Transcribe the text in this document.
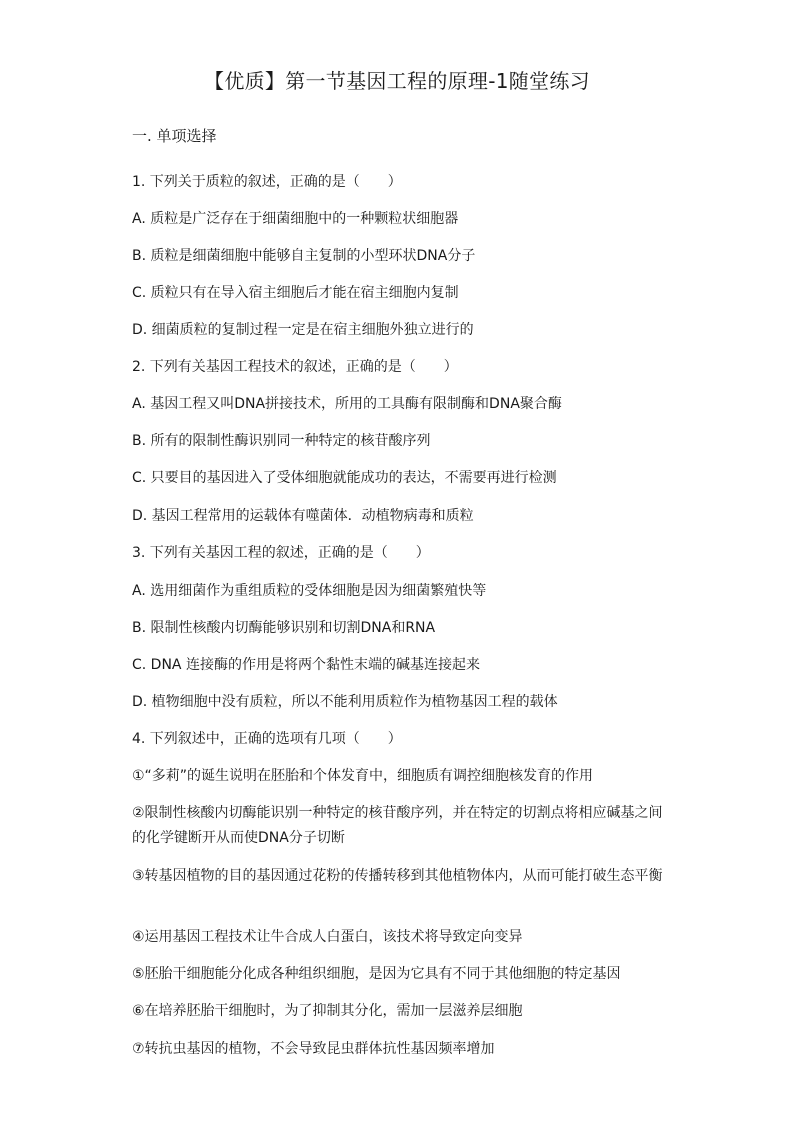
【优质】第一节基因工程的原理-1随堂练习
一. 单项选择
1. 下列关于质粒的叙述，正确的是（　　）
A. 质粒是广泛存在于细菌细胞中的一种颗粒状细胞器
B. 质粒是细菌细胞中能够自主复制的小型环状DNA分子
C. 质粒只有在导入宿主细胞后才能在宿主细胞内复制
D. 细菌质粒的复制过程一定是在宿主细胞外独立进行的
2. 下列有关基因工程技术的叙述，正确的是（　　）
A. 基因工程又叫DNA拼接技术，所用的工具酶有限制酶和DNA聚合酶
B. 所有的限制性酶识别同一种特定的核苷酸序列
C. 只要目的基因进入了受体细胞就能成功的表达，不需要再进行检测
D. 基因工程常用的运载体有噬菌体．动植物病毒和质粒
3. 下列有关基因工程的叙述，正确的是（　　）
A. 选用细菌作为重组质粒的受体细胞是因为细菌繁殖快等
B. 限制性核酸内切酶能够识别和切割DNA和RNA
C. DNA 连接酶的作用是将两个黏性末端的碱基连接起来
D. 植物细胞中没有质粒，所以不能利用质粒作为植物基因工程的载体
4. 下列叙述中，正确的选项有几项（　　）
①“多莉”的诞生说明在胚胎和个体发育中，细胞质有调控细胞核发育的作用
②限制性核酸内切酶能识别一种特定的核苷酸序列，并在特定的切割点将相应碱基之间的化学键断开从而使DNA分子切断
③转基因植物的目的基因通过花粉的传播转移到其他植物体内，从而可能打破生态平衡
④运用基因工程技术让牛合成人白蛋白，该技术将导致定向变异
⑤胚胎干细胞能分化成各种组织细胞，是因为它具有不同于其他细胞的特定基因
⑥在培养胚胎干细胞时，为了抑制其分化，需加一层滋养层细胞
⑦转抗虫基因的植物，不会导致昆虫群体抗性基因频率增加
